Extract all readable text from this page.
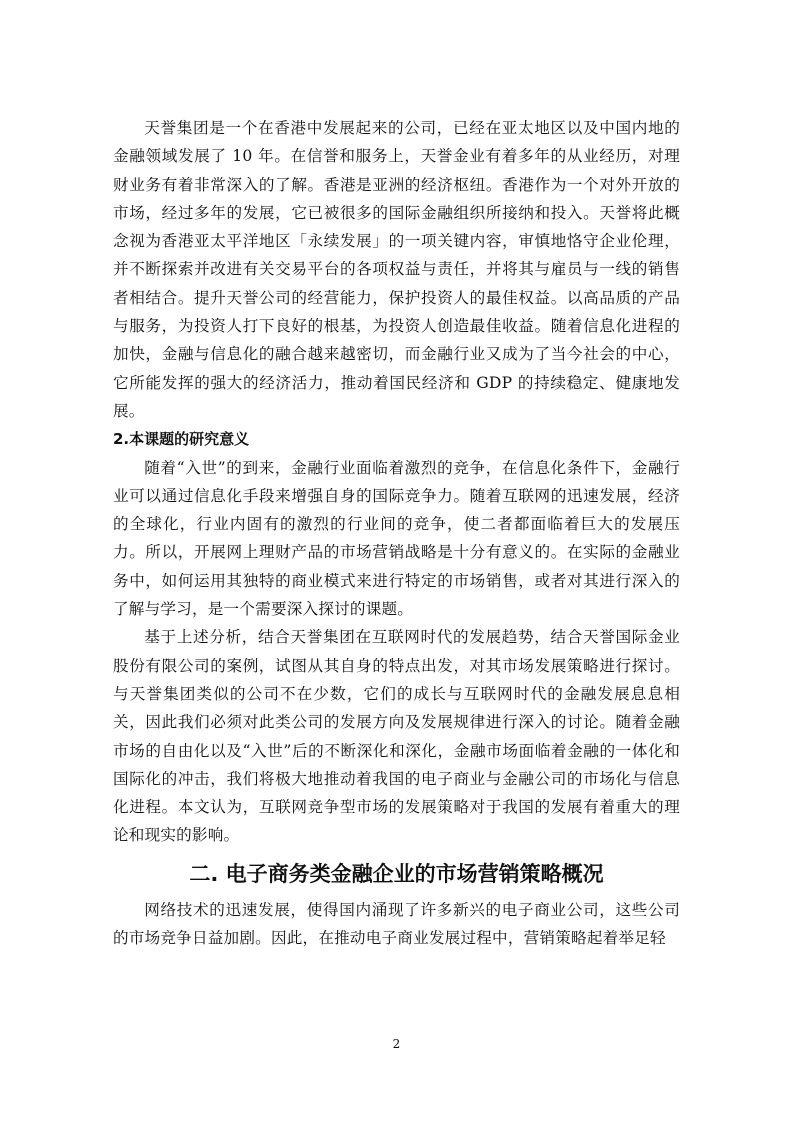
天誉集团是一个在香港中发展起来的公司，已经在亚太地区以及中国内地的金融领域发展了 10 年。在信誉和服务上，天誉金业有着多年的从业经历，对理财业务有着非常深入的了解。香港是亚洲的经济枢纽。香港作为一个对外开放的市场，经过多年的发展，它已被很多的国际金融组织所接纳和投入。天誉将此概念视为香港亚太平洋地区「永续发展」的一项关键内容，审慎地恪守企业伦理，并不断探索并改进有关交易平台的各项权益与责任，并将其与雇员与一线的销售者相结合。提升天誉公司的经营能力，保护投资人的最佳权益。以高品质的产品与服务，为投资人打下良好的根基，为投资人创造最佳收益。随着信息化进程的加快，金融与信息化的融合越来越密切，而金融行业又成为了当今社会的中心，它所能发挥的强大的经济活力，推动着国民经济和 GDP 的持续稳定、健康地发展。

2.本课题的研究意义

随着“入世”的到来，金融行业面临着激烈的竞争，在信息化条件下，金融行业可以通过信息化手段来增强自身的国际竞争力。随着互联网的迅速发展，经济的全球化，行业内固有的激烈的行业间的竞争，使二者都面临着巨大的发展压力。所以，开展网上理财产品的市场营销战略是十分有意义的。在实际的金融业务中，如何运用其独特的商业模式来进行特定的市场销售，或者对其进行深入的了解与学习，是一个需要深入探讨的课题。

基于上述分析，结合天誉集团在互联网时代的发展趋势，结合天誉国际金业股份有限公司的案例，试图从其自身的特点出发，对其市场发展策略进行探讨。与天誉集团类似的公司不在少数，它们的成长与互联网时代的金融发展息息相关，因此我们必须对此类公司的发展方向及发展规律进行深入的讨论。随着金融市场的自由化以及“入世”后的不断深化和深化，金融市场面临着金融的一体化和国际化的冲击，我们将极大地推动着我国的电子商业与金融公司的市场化与信息化进程。本文认为，互联网竞争型市场的发展策略对于我国的发展有着重大的理论和现实的影响。

二. 电子商务类金融企业的市场营销策略概况

网络技术的迅速发展，使得国内涌现了许多新兴的电子商业公司，这些公司的市场竞争日益加剧。因此，在推动电子商业发展过程中，营销策略起着举足轻

2
